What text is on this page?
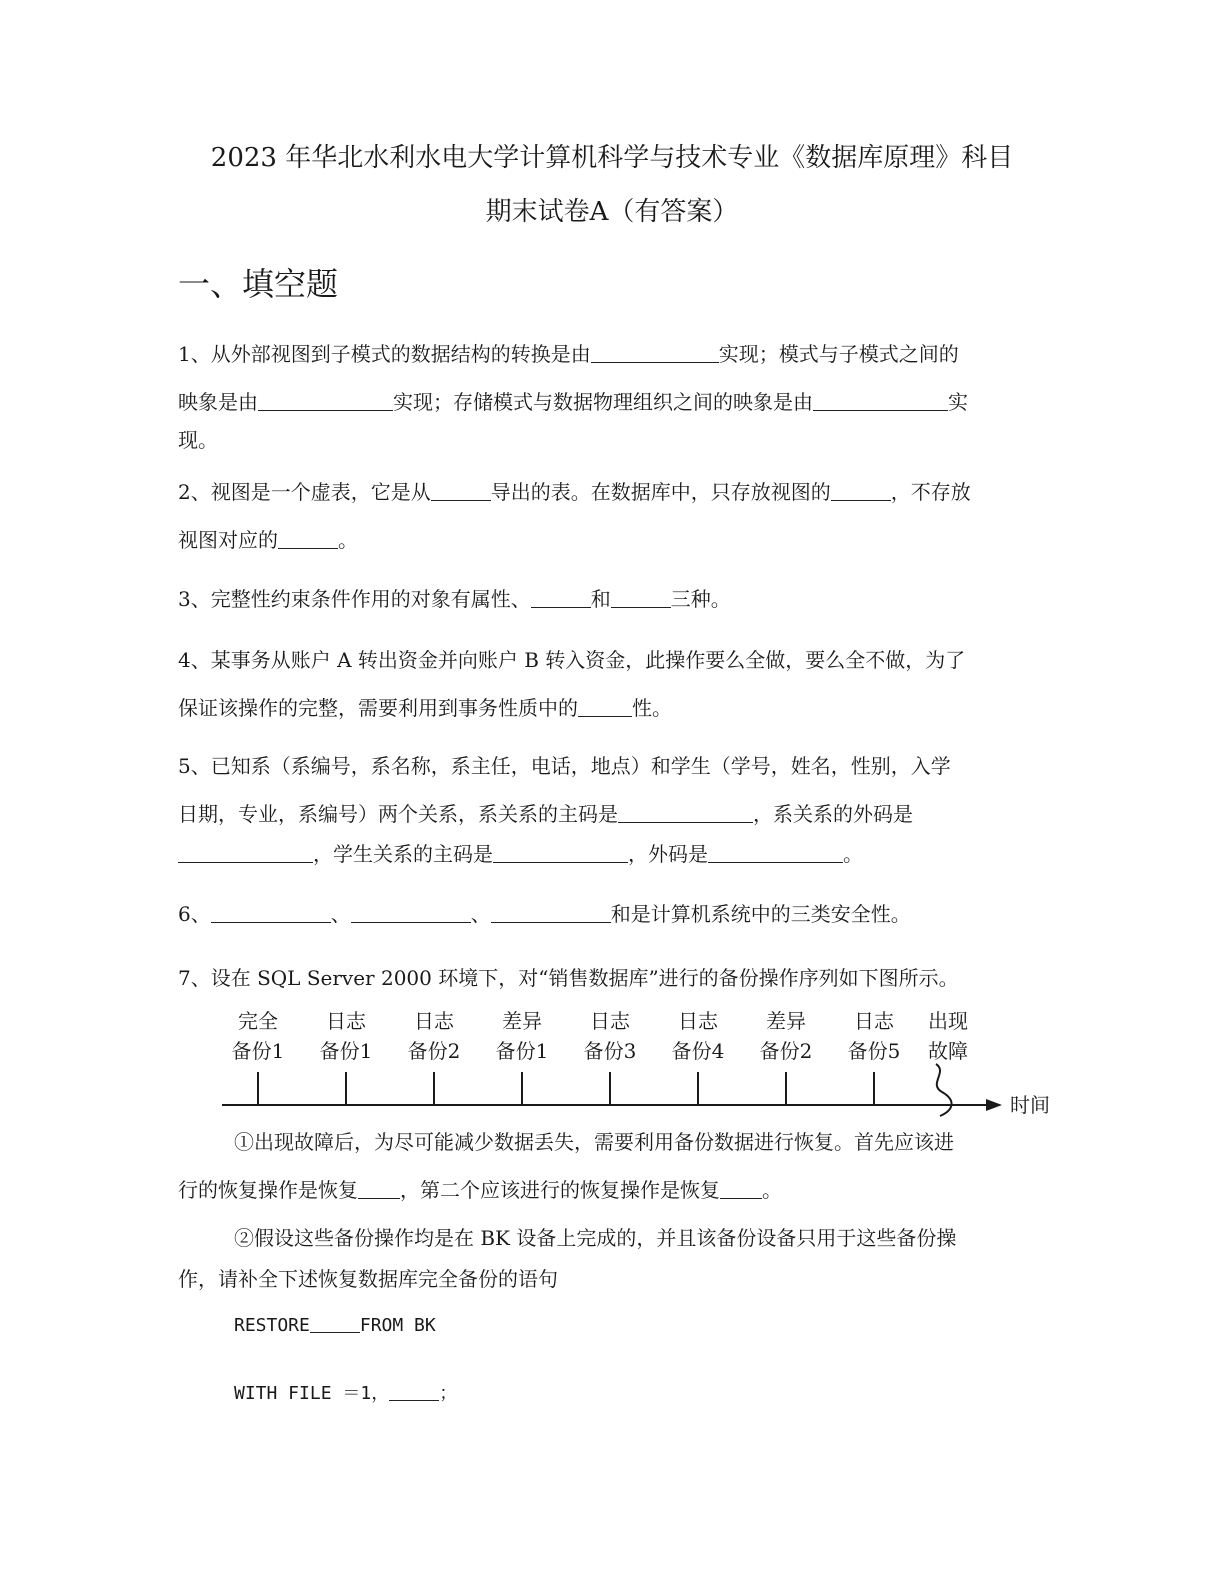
2023 年华北水利水电大学计算机科学与技术专业《数据库原理》科目
期末试卷A（有答案）
一、填空题
1、从外部视图到子模式的数据结构的转换是由	实现；模式与子模式之间的
映象是由	实现；存储模式与数据物理组织之间的映象是由	实
现。
2、视图是一个虚表，它是从	导出的表。在数据库中，只存放视图的	，不存放
视图对应的	。
3、完整性约束条件作用的对象有属性、	和	三种。
4、某事务从账户 A 转出资金并向账户 B 转入资金，此操作要么全做，要么全不做，为了
保证该操作的完整，需要利用到事务性质中的	性。
5、已知系（系编号，系名称，系主任，电话，地点）和学生（学号，姓名，性别，入学
日期，专业，系编号）两个关系，系关系的主码是	，系关系的外码是
，学生关系的主码是	，外码是	。
6、	、	、	和是计算机系统中的三类安全性。
7、设在 SQL Server 2000 环境下，对“销售数据库”进行的备份操作序列如下图所示。
完全
备份1
日志
备份1
日志
备份2
差异
备份1
日志
备份3
日志
备份4
差异
备份2
日志
备份5
出现
故障
时间
①出现故障后，为尽可能减少数据丢失，需要利用备份数据进行恢复。首先应该进
行的恢复操作是恢复 ，第二个应该进行的恢复操作是恢复 。
②假设这些备份操作均是在 BK 设备上完成的，并且该备份设备只用于这些备份操
作，请补全下述恢复数据库完全备份的语句
RESTORE	FROM BK
WITH FILE ＝1，	；
